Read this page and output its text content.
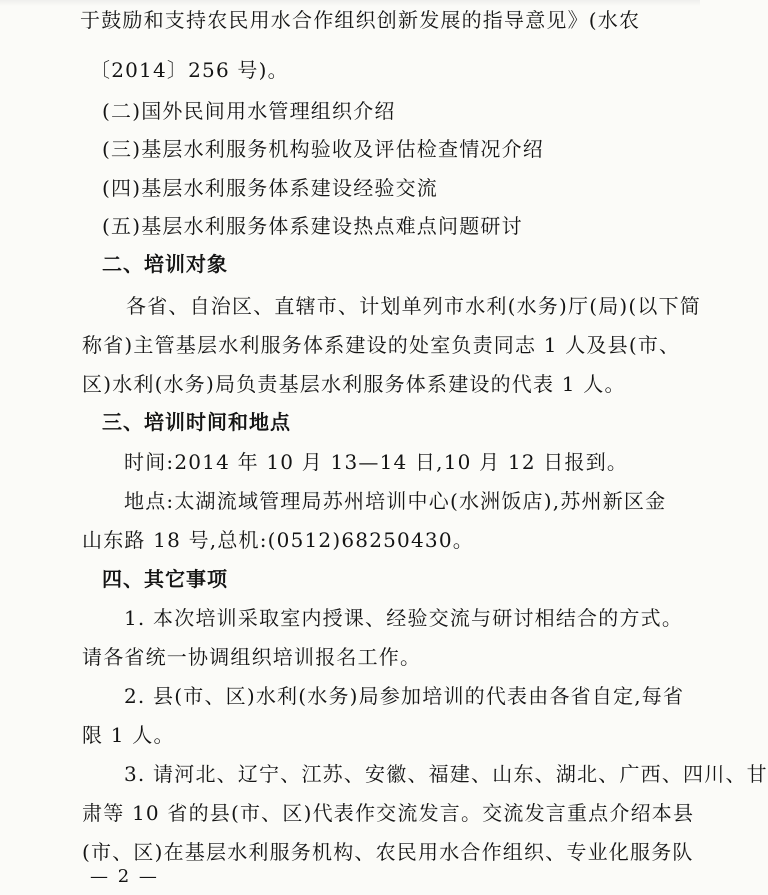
于鼓励和支持农民用水合作组织创新发展的指导意见》(水农
〔2014〕256 号)。
(二)国外民间用水管理组织介绍
(三)基层水利服务机构验收及评估检查情况介绍
(四)基层水利服务体系建设经验交流
(五)基层水利服务体系建设热点难点问题研讨
二、培训对象
各省、自治区、直辖市、计划单列市水利(水务)厅(局)(以下简
称省)主管基层水利服务体系建设的处室负责同志 1 人及县(市、
区)水利(水务)局负责基层水利服务体系建设的代表 1 人。
三、培训时间和地点
时间:2014 年 10 月 13—14 日,10 月 12 日报到。
地点:太湖流域管理局苏州培训中心(水洲饭店),苏州新区金
山东路 18 号,总机:(0512)68250430。
四、其它事项
1. 本次培训采取室内授课、经验交流与研讨相结合的方式。
请各省统一协调组织培训报名工作。
2. 县(市、区)水利(水务)局参加培训的代表由各省自定,每省
限 1 人。
3. 请河北、辽宁、江苏、安徽、福建、山东、湖北、广西、四川、甘
肃等 10 省的县(市、区)代表作交流发言。交流发言重点介绍本县
(市、区)在基层水利服务机构、农民用水合作组织、专业化服务队
— 2 —
